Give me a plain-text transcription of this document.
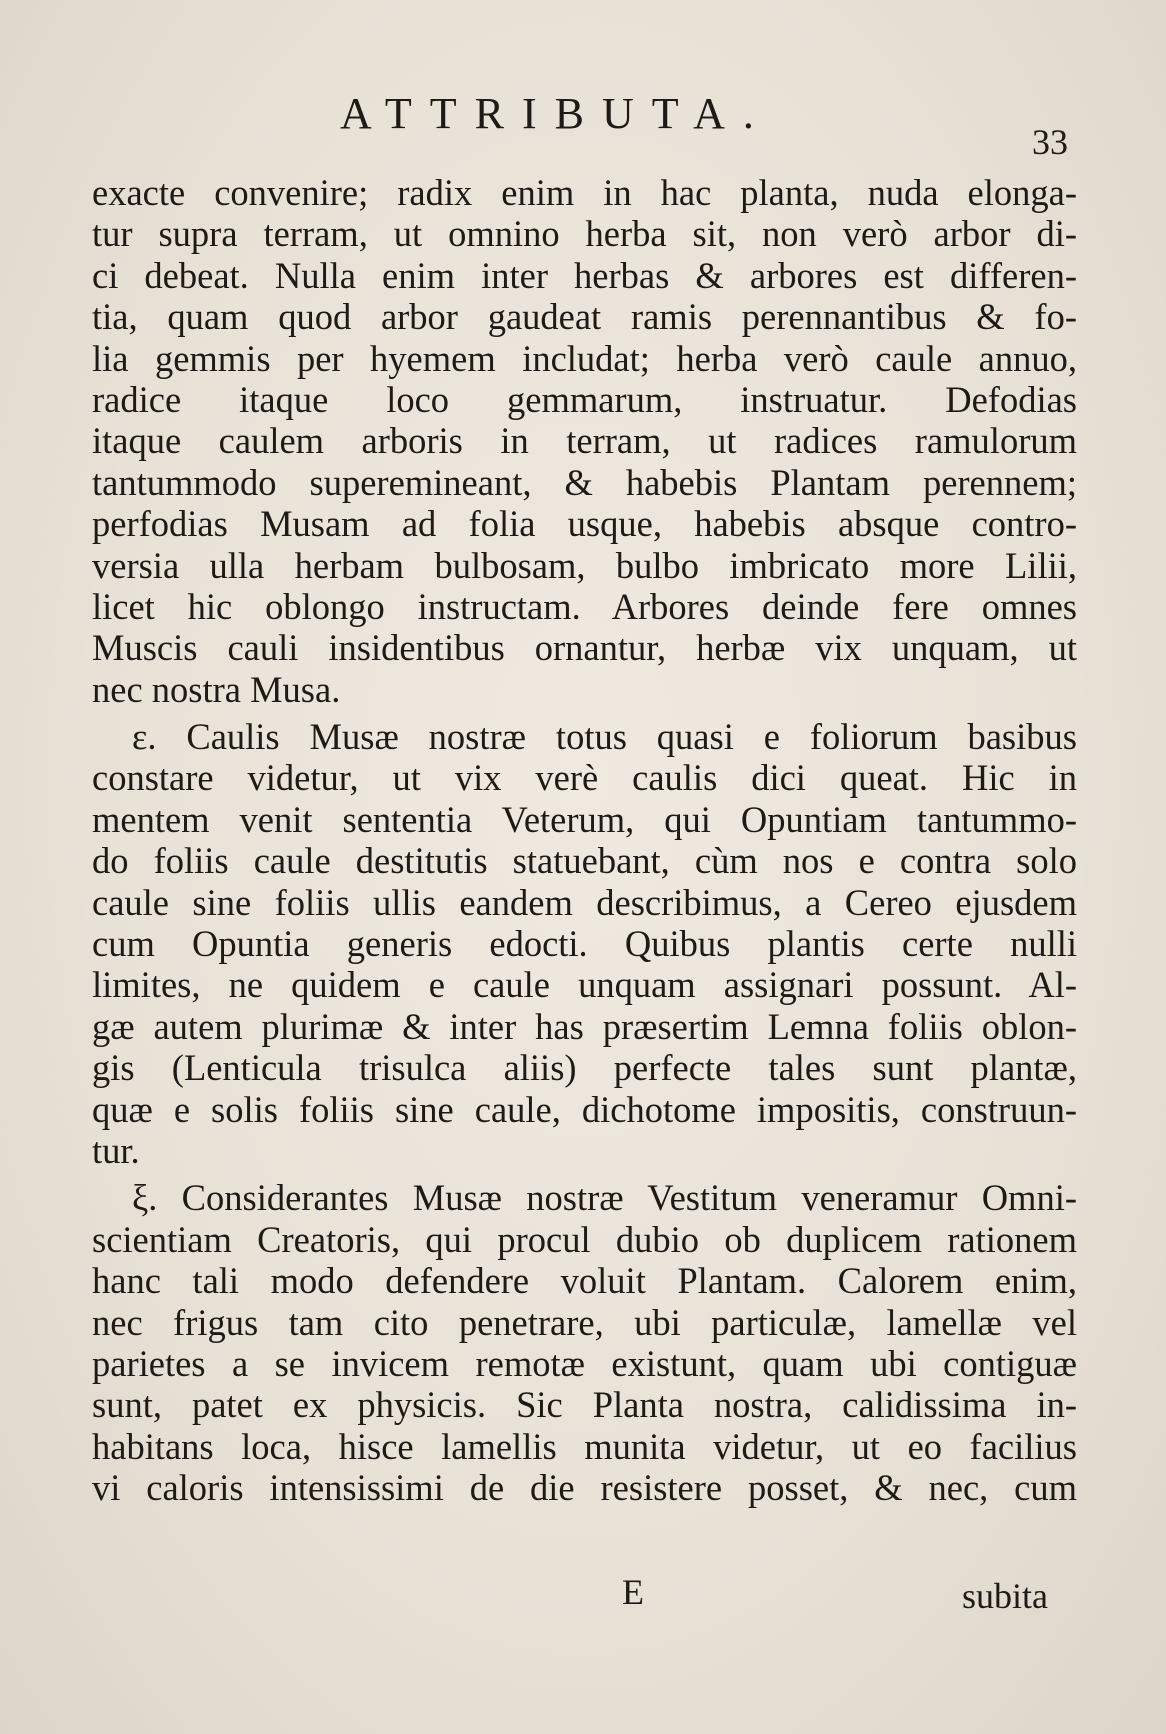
ATTRIBUTA.
33
exacte convenire; radix enim in hac planta, nuda elonga-
tur supra terram, ut omnino herba sit, non verò arbor di-
ci debeat. Nulla enim inter herbas & arbores est differen-
tia, quam quod arbor gaudeat ramis perennantibus & fo-
lia gemmis per hyemem includat; herba verò caule annuo,
radice itaque loco gemmarum, instruatur. Defodias
itaque caulem arboris in terram, ut radices ramulorum
tantummodo superemineant, & habebis Plantam perennem;
perfodias Musam ad folia usque, habebis absque contro-
versia ulla herbam bulbosam, bulbo imbricato more Lilii,
licet hic oblongo instructam. Arbores deinde fere omnes
Muscis cauli insidentibus ornantur, herbæ vix unquam, ut
nec nostra Musa.
ε. Caulis Musæ nostræ totus quasi e foliorum basibus
constare videtur, ut vix verè caulis dici queat. Hic in
mentem venit sententia Veterum, qui Opuntiam tantummo-
do foliis caule destitutis statuebant, cùm nos e contra solo
caule sine foliis ullis eandem describimus, a Cereo ejusdem
cum Opuntia generis edocti. Quibus plantis certe nulli
limites, ne quidem e caule unquam assignari possunt. Al-
gæ autem plurimæ & inter has præsertim Lemna foliis oblon-
gis (Lenticula trisulca aliis) perfecte tales sunt plantæ,
quæ e solis foliis sine caule, dichotome impositis, construun-
tur.
ξ. Considerantes Musæ nostræ Vestitum veneramur Omni-
scientiam Creatoris, qui procul dubio ob duplicem rationem
hanc tali modo defendere voluit Plantam. Calorem enim,
nec frigus tam cito penetrare, ubi particulæ, lamellæ vel
parietes a se invicem remotæ existunt, quam ubi contiguæ
sunt, patet ex physicis. Sic Planta nostra, calidissima in-
habitans loca, hisce lamellis munita videtur, ut eo facilius
vi caloris intensissimi de die resistere posset, & nec, cum
E	subita
